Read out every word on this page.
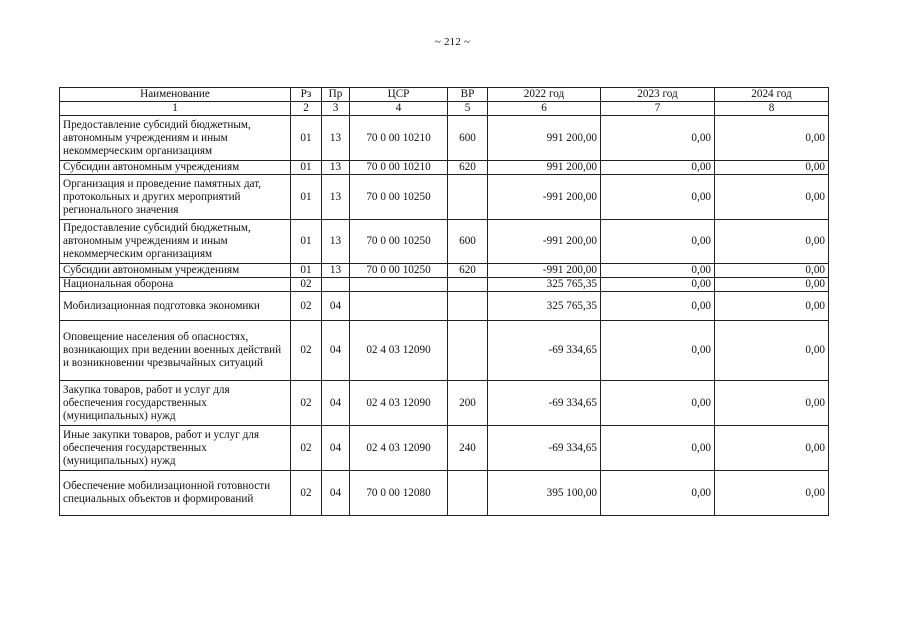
~ 212 ~
Наименование	Рз	Пр	ЦСР	ВР	2022 год	2023 год	2024 год
1	2	3	4	5	6	7	8
Предоставление субсидий бюджетным, автономным учреждениям и иным некоммерческим организациям	01	13	70 0 00 10210	600	991 200,00	0,00	0,00
Субсидии автономным учреждениям	01	13	70 0 00 10210	620	991 200,00	0,00	0,00
Организация и проведение памятных дат, протокольных и других мероприятий регионального значения	01	13	70 0 00 10250		-991 200,00	0,00	0,00
Предоставление субсидий бюджетным, автономным учреждениям и иным некоммерческим организациям	01	13	70 0 00 10250	600	-991 200,00	0,00	0,00
Субсидии автономным учреждениям	01	13	70 0 00 10250	620	-991 200,00	0,00	0,00
Национальная оборона	02				325 765,35	0,00	0,00
Мобилизационная подготовка экономики	02	04			325 765,35	0,00	0,00
Оповещение населения об опасностях, возникающих при ведении военных действий и возникновении чрезвычайных ситуаций	02	04	02 4 03 12090		-69 334,65	0,00	0,00
Закупка товаров, работ и услуг для обеспечения государственных (муниципальных) нужд	02	04	02 4 03 12090	200	-69 334,65	0,00	0,00
Иные закупки товаров, работ и услуг для обеспечения государственных (муниципальных) нужд	02	04	02 4 03 12090	240	-69 334,65	0,00	0,00
Обеспечение мобилизационной готовности специальных объектов и формирований	02	04	70 0 00 12080		395 100,00	0,00	0,00
